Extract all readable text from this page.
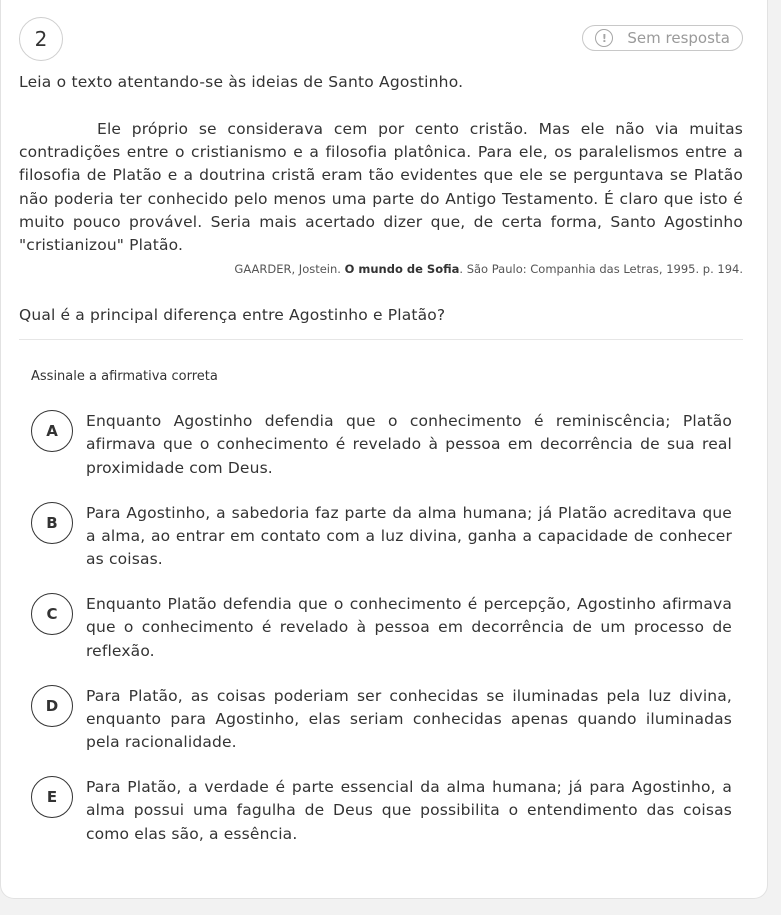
2	!	Sem resposta
Leia o texto atentando-se às ideias de Santo Agostinho.

Ele próprio se considerava cem por cento cristão. Mas ele não via muitas contradições entre o cristianismo e a filosofia platônica. Para ele, os paralelismos entre a filosofia de Platão e a doutrina cristã eram tão evidentes que ele se perguntava se Platão não poderia ter conhecido pelo menos uma parte do Antigo Testamento. É claro que isto é muito pouco provável. Seria mais acertado dizer que, de certa forma, Santo Agostinho "cristianizou" Platão.

GAARDER, Jostein. O mundo de Sofia. São Paulo: Companhia das Letras, 1995. p. 194.
Qual é a principal diferença entre Agostinho e Platão?
Assinale a afirmativa correta
A
Enquanto Agostinho defendia que o conhecimento é reminiscência; Platão afirmava que o conhecimento é revelado à pessoa em decorrência de sua real proximidade com Deus.
B
Para Agostinho, a sabedoria faz parte da alma humana; já Platão acreditava que a alma, ao entrar em contato com a luz divina, ganha a capacidade de conhecer as coisas.
C
Enquanto Platão defendia que o conhecimento é percepção, Agostinho afirmava que o conhecimento é revelado à pessoa em decorrência de um processo de reflexão.
D
Para Platão, as coisas poderiam ser conhecidas se iluminadas pela luz divina, enquanto para Agostinho, elas seriam conhecidas apenas quando iluminadas pela racionalidade.
E
Para Platão, a verdade é parte essencial da alma humana; já para Agostinho, a alma possui uma fagulha de Deus que possibilita o entendimento das coisas como elas são, a essência.
